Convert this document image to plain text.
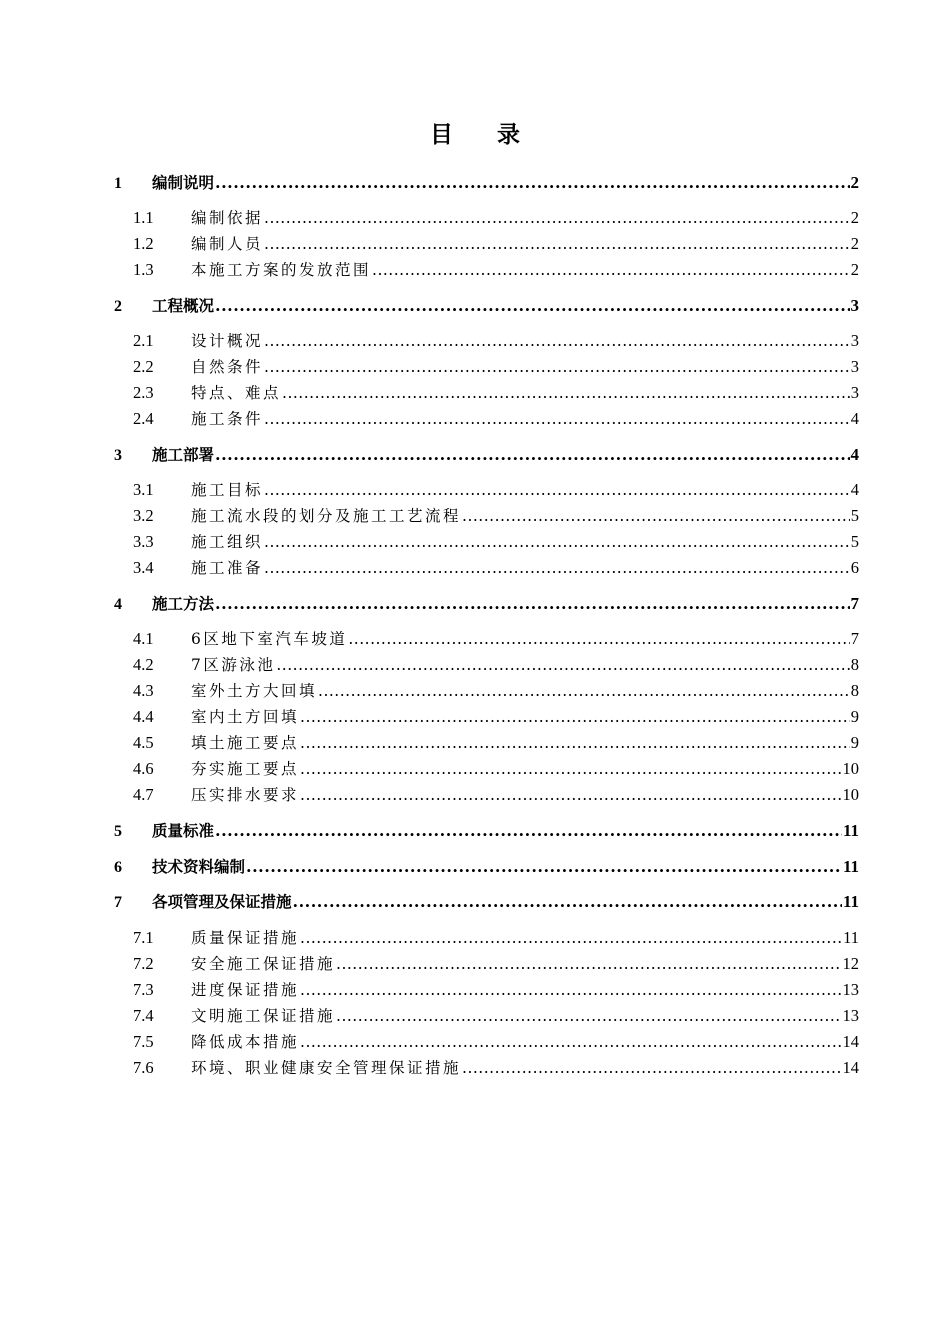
目 录
1	编制说明 .....	2
1.1	编制依据 .....	2
1.2	编制人员 .....	2
1.3	本施工方案的发放范围 .....	2
2	工程概况 .....	3
2.1	设计概况 .....	3
2.2	自然条件 .....	3
2.3	特点、难点 .....	3
2.4	施工条件 .....	4
3	施工部署 .....	4
3.1	施工目标 .....	4
3.2	施工流水段的划分及施工工艺流程 .....	5
3.3	施工组织 .....	5
3.4	施工准备 .....	6
4	施工方法 .....	7
4.1	6区地下室汽车坡道 .....	7
4.2	7区游泳池 .....	8
4.3	室外土方大回填 .....	8
4.4	室内土方回填 .....	9
4.5	填土施工要点 .....	9
4.6	夯实施工要点 .....	10
4.7	压实排水要求 .....	10
5	质量标准 .....	11
6	技术资料编制 .....	11
7	各项管理及保证措施 .....	11
7.1	质量保证措施 .....	11
7.2	安全施工保证措施 .....	12
7.3	进度保证措施 .....	13
7.4	文明施工保证措施 .....	13
7.5	降低成本措施 .....	14
7.6	环境、职业健康安全管理保证措施 .....	14
